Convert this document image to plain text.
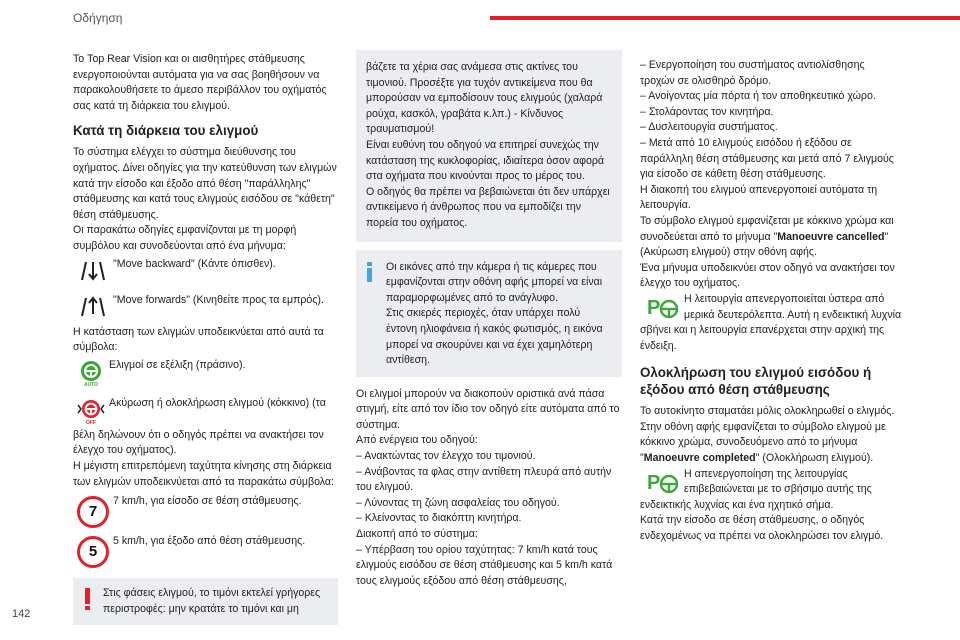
Οδήγηση
142
Το Top Rear Vision και οι αισθητήρες στάθμευσης ενεργοποιούνται αυτόματα για να σας βοηθήσουν να παρακολουθήσετε το άμεσο περιβάλλον του οχήματός σας κατά τη διάρκεια του ελιγμού.
Κατά τη διάρκεια του ελιγμού
Το σύστημα ελέγχει το σύστημα διεύθυνσης του οχήματος. Δίνει οδηγίες για την κατεύθυνση των ελιγμών κατά την είσοδο και έξοδο από θέση "παράλληλης" στάθμευσης και κατά τους ελιγμούς εισόδου σε "κάθετη" θέση στάθμευσης.
Οι παρακάτω οδηγίες εμφανίζονται με τη μορφή συμβόλου και συνοδεύονται από ένα μήνυμα:
"Move backward" (Κάντε όπισθεν).
"Move forwards" (Κινηθείτε προς τα εμπρός).
Η κατάσταση των ελιγμών υποδεικνύεται από αυτά τα σύμβολα:
AUTO
Ελιγμοί σε εξέλιξη (πράσινο).
OFF
Ακύρωση ή ολοκλήρωση ελιγμού (κόκκινο) (τα
βέλη δηλώνουν ότι ο οδηγός πρέπει να ανακτήσει τον έλεγχο του οχήματος).
Η μέγιστη επιτρεπόμενη ταχύτητα κίνησης στη διάρκεια των ελιγμών υποδεικνύεται από τα παρακάτω σύμβολα:
7
7 km/h, για είσοδο σε θέση στάθμευσης.
5
5 km/h, για έξοδο από θέση στάθμευσης.
Στις φάσεις ελιγμού, το τιμόνι εκτελεί γρήγορες περιστροφές: μην κρατάτε το τιμόνι και μη
βάζετε τα χέρια σας ανάμεσα στις ακτίνες του τιμονιού. Προσέξτε για τυχόν αντικείμενα που θα μπορούσαν να εμποδίσουν τους ελιγμούς (χαλαρά ρούχα, κασκόλ, γραβάτα κ.λπ.) - Κίνδυνος τραυματισμού!
Είναι ευθύνη του οδηγού να επιτηρεί συνεχώς την κατάσταση της κυκλοφορίας, ιδιαίτερα όσον αφορά στα οχήματα που κινούνται προς το μέρος του.
Ο οδηγός θα πρέπει να βεβαιώνεται ότι δεν υπάρχει αντικείμενο ή άνθρωπος που να εμποδίζει την πορεία του οχήματος.
Οι εικόνες από την κάμερα ή τις κάμερες που εμφανίζονται στην οθόνη αφής μπορεί να είναι παραμορφωμένες από το ανάγλυφο.
Στις σκιερές περιοχές, όταν υπάρχει πολύ έντονη ηλιοφάνεια ή κακός φωτισμός, η εικόνα μπορεί να σκουρύνει και να έχει χαμηλότερη αντίθεση.
Οι ελιγμοί μπορούν να διακοπούν οριστικά ανά πάσα στιγμή, είτε από τον ίδιο τον οδηγό είτε αυτόματα από το σύστημα.
Από ενέργεια του οδηγού:
– Ανακτώντας τον έλεγχο του τιμονιού.
– Ανάβοντας τα φλας στην αντίθετη πλευρά από αυτήν του ελιγμού.
– Λύνοντας τη ζώνη ασφαλείας του οδηγού.
– Κλείνοντας το διακόπτη κινητήρα.
Διακοπή από το σύστημα:
– Υπέρβαση του ορίου ταχύτητας: 7 km/h κατά τους ελιγμούς εισόδου σε θέση στάθμευσης και 5 km/h κατά τους ελιγμούς εξόδου από θέση στάθμευσης,
– Ενεργοποίηση του συστήματος αντιολίσθησης τροχών σε ολισθηρό δρόμο.
– Ανοίγοντας μία πόρτα ή τον αποθηκευτικό χώρο.
– Στολάροντας τον κινητήρα.
– Δυσλειτουργία συστήματος.
– Μετά από 10 ελιγμούς εισόδου ή εξόδου σε παράλληλη θέση στάθμευσης και μετά από 7 ελιγμούς για είσοδο σε κάθετη θέση στάθμευσης.
Η διακοπή του ελιγμού απενεργοποιεί αυτόματα τη λειτουργία.
Το σύμβολο ελιγμού εμφανίζεται με κόκκινο χρώμα και συνοδεύεται από το μήνυμα "Manoeuvre cancelled" (Ακύρωση ελιγμού) στην οθόνη αφής.
Ένα μήνυμα υποδεικνύει στον οδηγό να ανακτήσει τον έλεγχο του οχήματος.
P Η λειτουργία απενεργοποιείται ύστερα από μερικά δευτερόλεπτα. Αυτή η ενδεικτική λυχνία
σβήνει και η λειτουργία επανέρχεται στην αρχική της ένδειξη.
Ολοκλήρωση του ελιγμού εισόδου ή εξόδου από θέση στάθμευσης
Το αυτοκίνητο σταματάει μόλις ολοκληρωθεί ο ελιγμός. Στην οθόνη αφής εμφανίζεται το σύμβολο ελιγμού με κόκκινο χρώμα, συνοδευόμενο από το μήνυμα "Manoeuvre completed" (Ολοκλήρωση ελιγμού).
P Η απενεργοποίηση της λειτουργίας επιβεβαιώνεται με το σβήσιμο αυτής της
ενδεικτικής λυχνίας και ένα ηχητικό σήμα.
Κατά την είσοδο σε θέση στάθμευσης, ο οδηγός ενδεχομένως να πρέπει να ολοκληρώσει τον ελιγμό.
